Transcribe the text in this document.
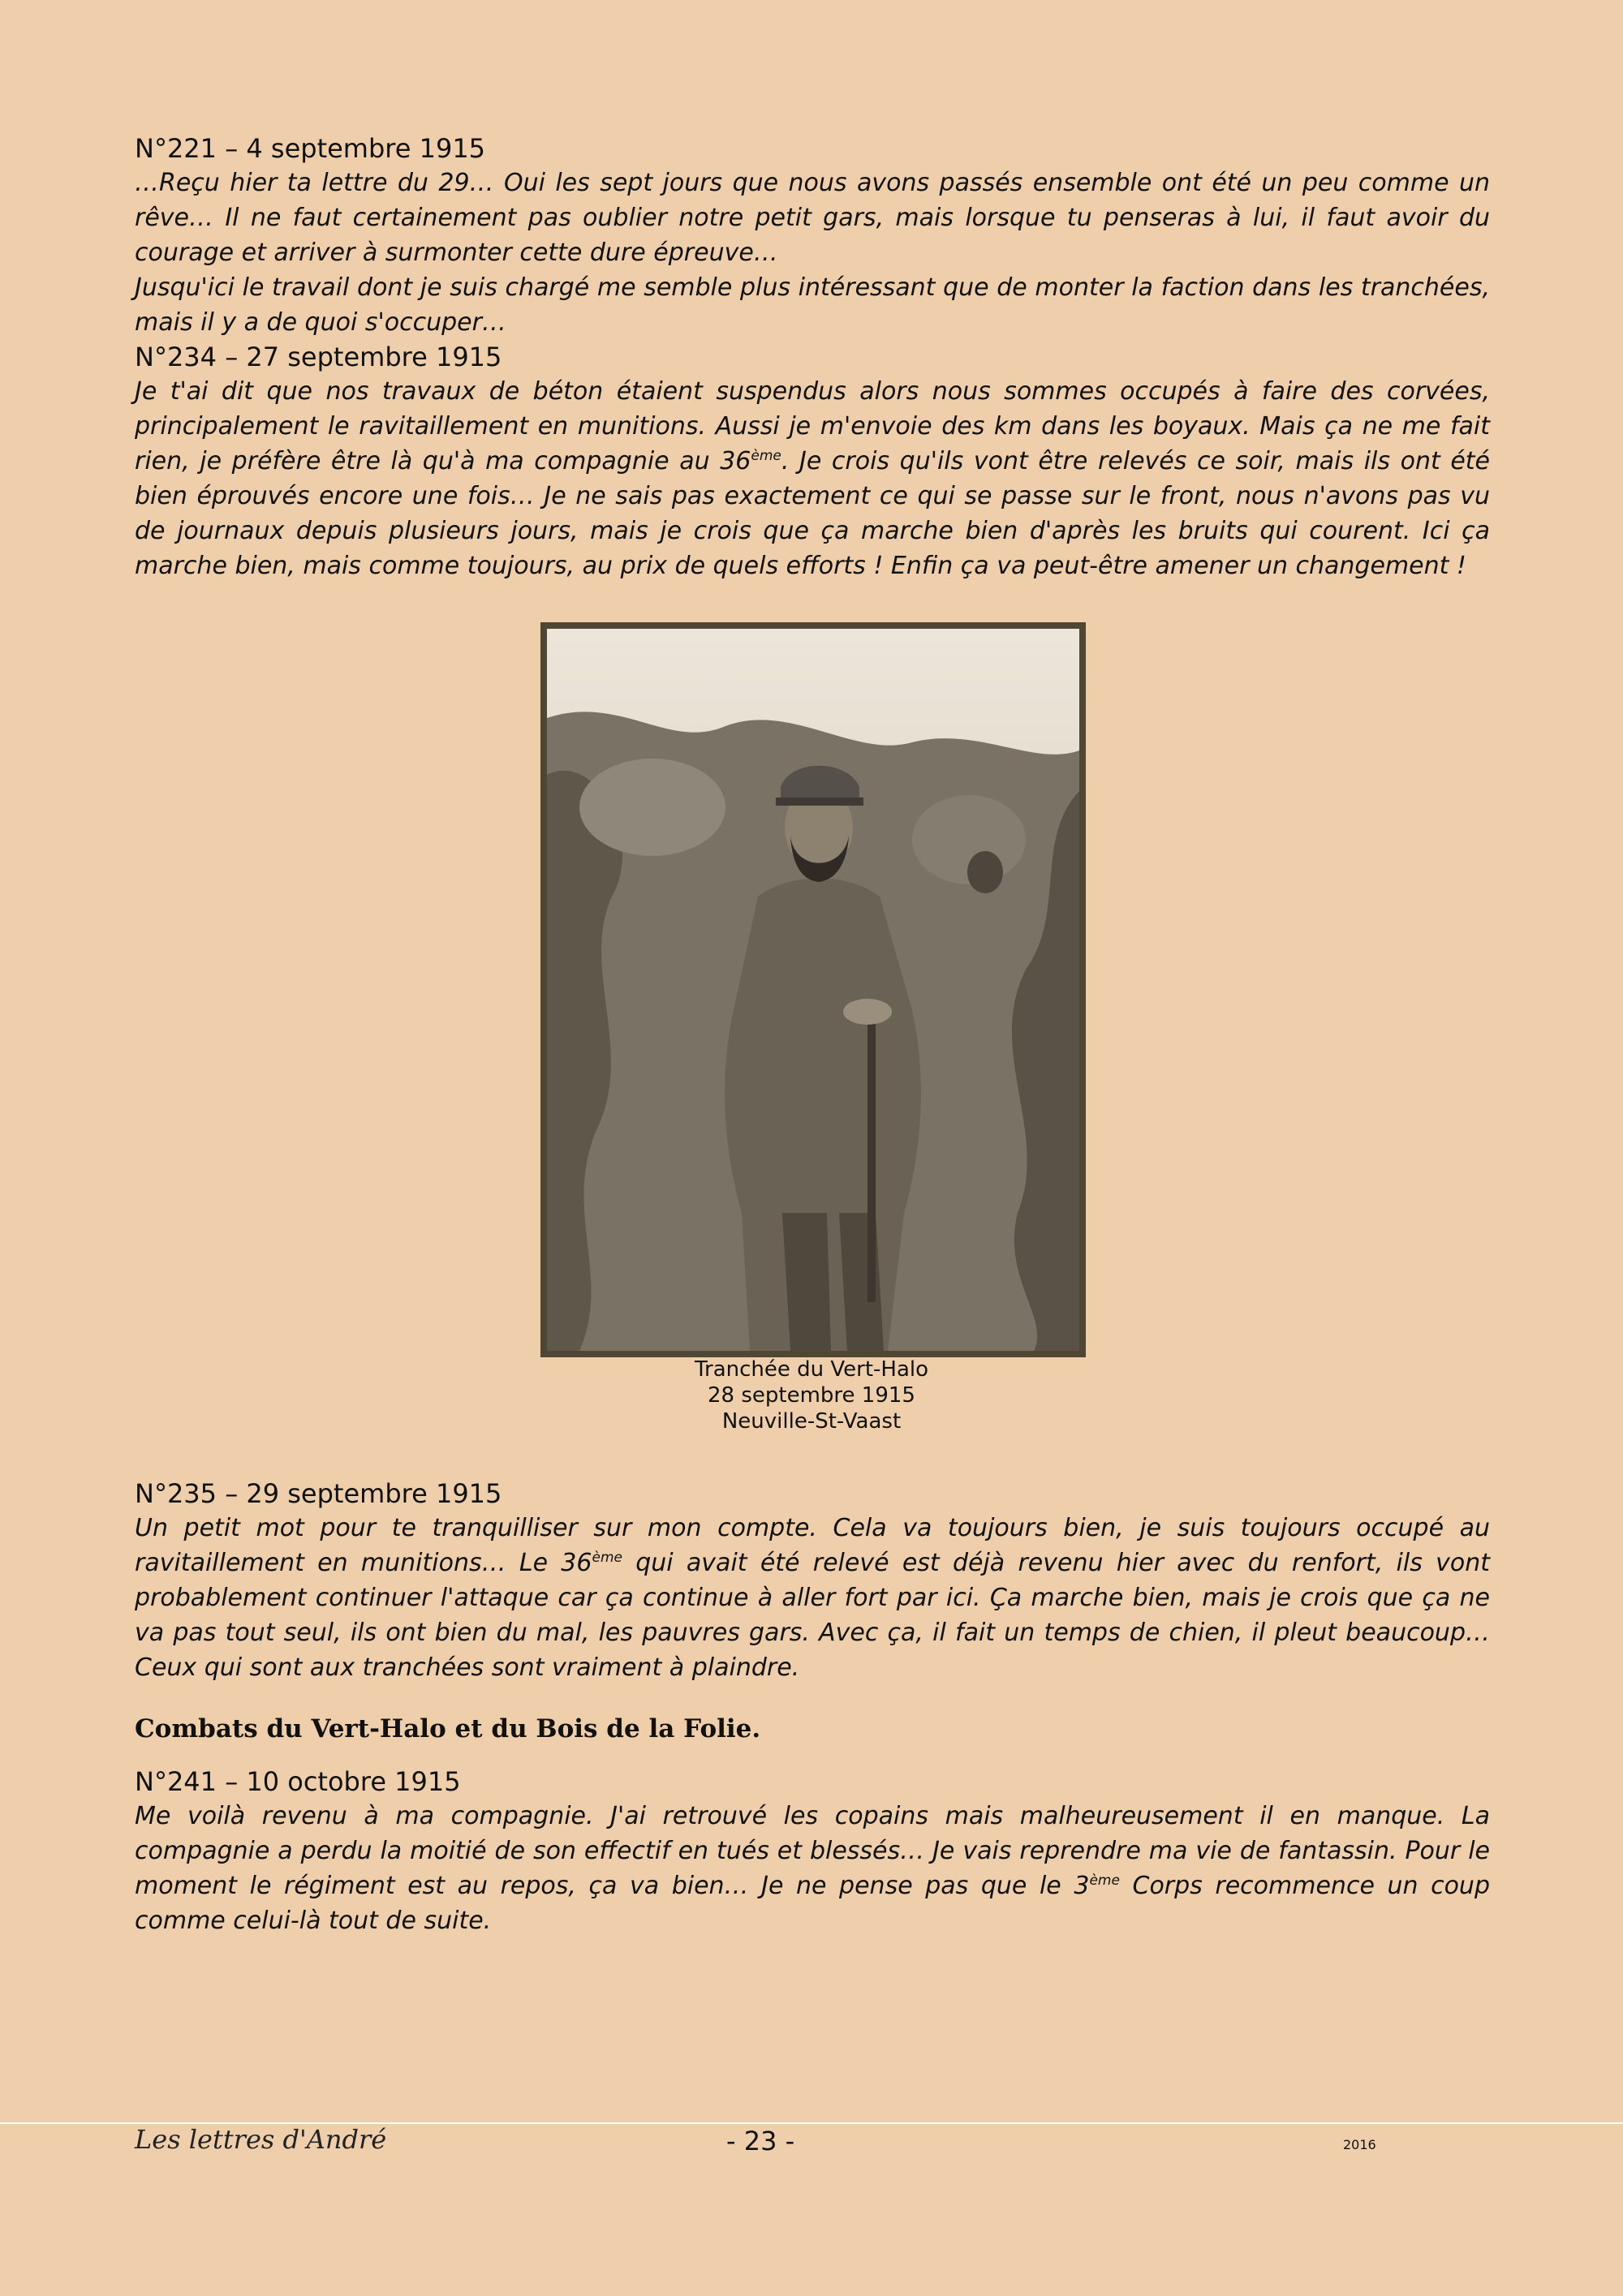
N°221 – 4 septembre 1915

…Reçu hier ta lettre du 29… Oui les sept jours que nous avons passés ensemble ont été un peu comme un rêve… Il ne faut certainement pas oublier notre petit gars, mais lorsque tu penseras à lui, il faut avoir du courage et arriver à surmonter cette dure épreuve…

Jusqu'ici le travail dont je suis chargé me semble plus intéressant que de monter la faction dans les tranchées, mais il y a de quoi s'occuper…

N°234 – 27 septembre 1915

Je t'ai dit que nos travaux de béton étaient suspendus alors nous sommes occupés à faire des corvées, principalement le ravitaillement en munitions. Aussi je m'envoie des km dans les boyaux. Mais ça ne me fait rien, je préfère être là qu'à ma compagnie au 36ème. Je crois qu'ils vont être relevés ce soir, mais ils ont été bien éprouvés encore une fois… Je ne sais pas exactement ce qui se passe sur le front, nous n'avons pas vu de journaux depuis plusieurs jours, mais je crois que ça marche bien d'après les bruits qui courent. Ici ça marche bien, mais comme toujours, au prix de quels efforts ! Enfin ça va peut-être amener un changement !

Tranchée du Vert-Halo
28 septembre 1915
Neuville-St-Vaast
N°235 – 29 septembre 1915

Un petit mot pour te tranquilliser sur mon compte. Cela va toujours bien, je suis toujours occupé au ravitaillement en munitions… Le 36ème qui avait été relevé est déjà revenu hier avec du renfort, ils vont probablement continuer l'attaque car ça continue à aller fort par ici. Ça marche bien, mais je crois que ça ne va pas tout seul, ils ont bien du mal, les pauvres gars. Avec ça, il fait un temps de chien, il pleut beaucoup… Ceux qui sont aux tranchées sont vraiment à plaindre.

Combats du Vert-Halo et du Bois de la Folie.
N°241 – 10 octobre 1915

Me voilà revenu à ma compagnie. J'ai retrouvé les copains mais malheureusement il en manque. La compagnie a perdu la moitié de son effectif en tués et blessés… Je vais reprendre ma vie de fantassin. Pour le moment le régiment est au repos, ça va bien… Je ne pense pas que le 3ème Corps recommence un coup comme celui-là tout de suite.

Les lettres d'André	- 23 -	2016
